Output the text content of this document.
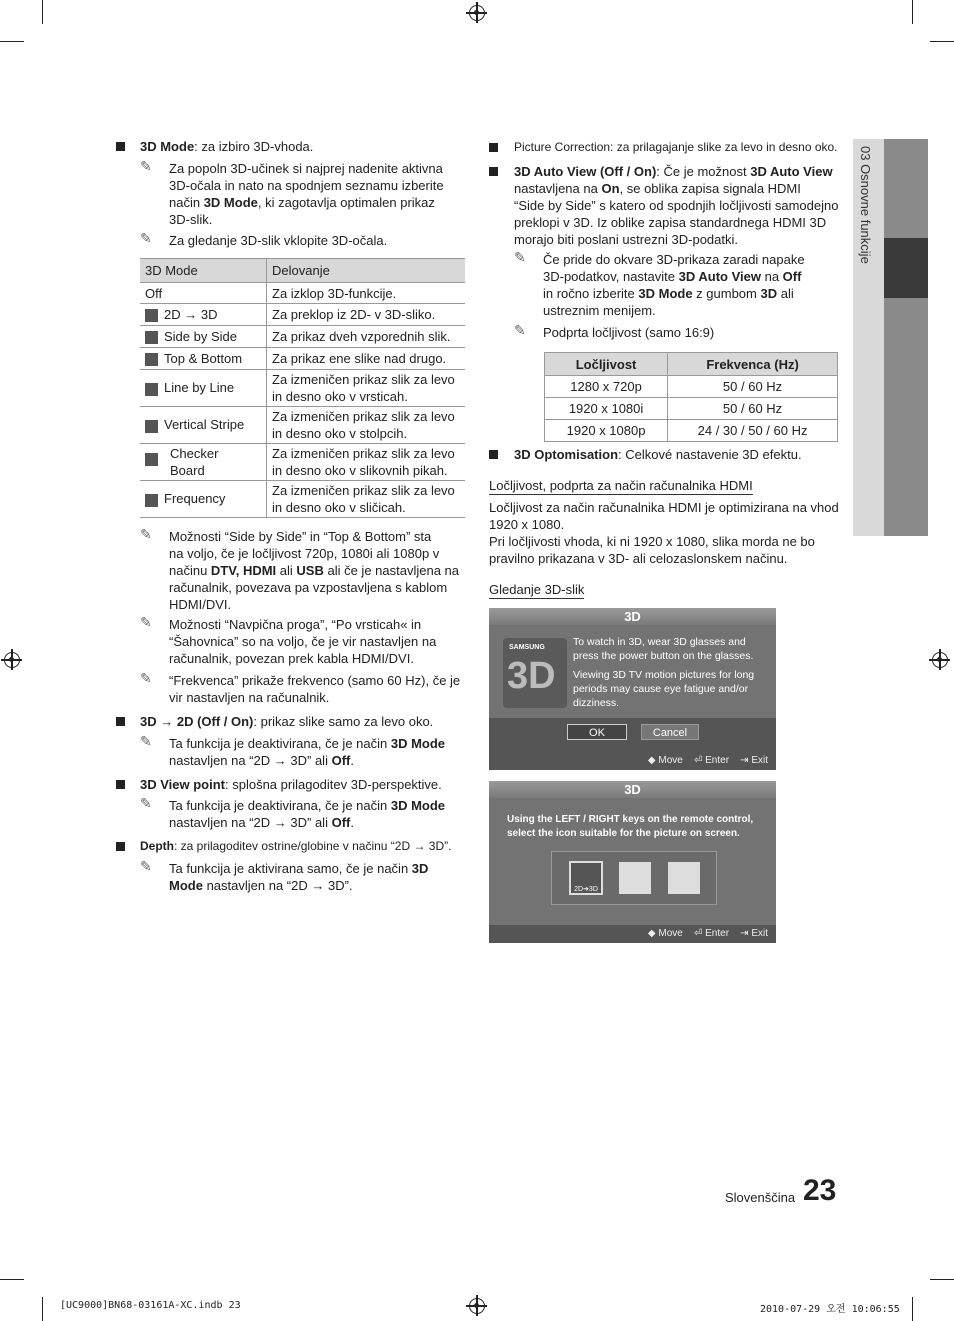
3D Mode: za izbiro 3D-vhoda.
✎ Za popoln 3D-učinek si najprej nadenite aktivna
3D-očala in nato na spodnjem seznamu izberite
način 3D Mode, ki zagotavlja optimalen prikaz
3D-slik.
✎ Za gledanje 3D-slik vklopite 3D-očala.
3D Mode	Delovanje
Off	Za izklop 3D-funkcije.
2D → 3D	Za preklop iz 2D- v 3D-sliko.
Side by Side	Za prikaz dveh vzporednih slik.
Top & Bottom	Za prikaz ene slike nad drugo.
Line by Line	Za izmeničen prikaz slik za levo in desno oko v vrsticah.
Vertical Stripe	Za izmeničen prikaz slik za levo in desno oko v stolpcih.

Checker Board	Za izmeničen prikaz slik za levo in desno oko v slikovnih pikah.
Frequency	Za izmeničen prikaz slik za levo in desno oko v sličicah.
✎ Možnosti “Side by Side” in “Top & Bottom” sta
na voljo, če je ločljivost 720p, 1080i ali 1080p v
načinu DTV, HDMI ali USB ali če je nastavljena na
računalnik, povezava pa vzpostavljena s kablom
HDMI/DVI.
✎ Možnosti “Navpična proga”, “Po vrsticah« in
“Šahovnica” so na voljo, če je vir nastavljen na
računalnik, povezan prek kabla HDMI/DVI.
✎ “Frekvenca” prikaže frekvenco (samo 60 Hz), če je
vir nastavljen na računalnik.
3D → 2D (Off / On): prikaz slike samo za levo oko.
✎ Ta funkcija je deaktivirana, če je način 3D Mode
nastavljen na “2D → 3D” ali Off.
3D View point: splošna prilagoditev 3D-perspektive.
✎ Ta funkcija je deaktivirana, če je način 3D Mode
nastavljen na “2D → 3D” ali Off.
Depth: za prilagoditev ostrine/globine v načinu “2D → 3D”.
✎ Ta funkcija je aktivirana samo, če je način 3D
Mode nastavljen na “2D → 3D”.
Picture Correction: za prilagajanje slike za levo in desno oko.
3D Auto View (Off / On): Če je možnost 3D Auto View
nastavljena na On, se oblika zapisa signala HDMI
“Side by Side” s katero od spodnjih ločljivosti samodejno
preklopi v 3D. Iz oblike zapisa standardnega HDMI 3D
morajo biti poslani ustrezni 3D-podatki.
✎ Če pride do okvare 3D-prikaza zaradi napake
3D-podatkov, nastavite 3D Auto View na Off
in ročno izberite 3D Mode z gumbom 3D ali
ustreznim menijem.
✎ Podprta ločljivost (samo 16:9)
Ločljivost	Frekvenca (Hz)
1280 x 720p	50 / 60 Hz
1920 x 1080i	50 / 60 Hz
1920 x 1080p	24 / 30 / 50 / 60 Hz
3D Optomisation: Celkové nastavenie 3D efektu.
Ločljivost, podprta za način računalnika HDMI
Ločljivost za način računalnika HDMI je optimizirana na vhod
1920 x 1080.
Pri ločljivosti vhoda, ki ni 1920 x 1080, slika morda ne bo
pravilno prikazana v 3D- ali celozaslonskem načinu.
Gledanje 3D-slik
3D
SAMSUNG
3D
To watch in 3D, wear 3D glasses and
press the power button on the glasses.
Viewing 3D TV motion pictures for long
periods may cause eye fatigue and/or
dizziness.
OK	Cancel
◆ Move ⏎ Enter ⇥ Exit
3D
Using the LEFT / RIGHT keys on the remote control,
select the icon suitable for the picture on screen.
2D➔3D
◆ Move ⏎ Enter ⇥ Exit
03 Osnovne funkcije
Slovenščina 23
[UC9000]BN68-03161A-XC.indb 23	2010-07-29 오전 10:06:55
